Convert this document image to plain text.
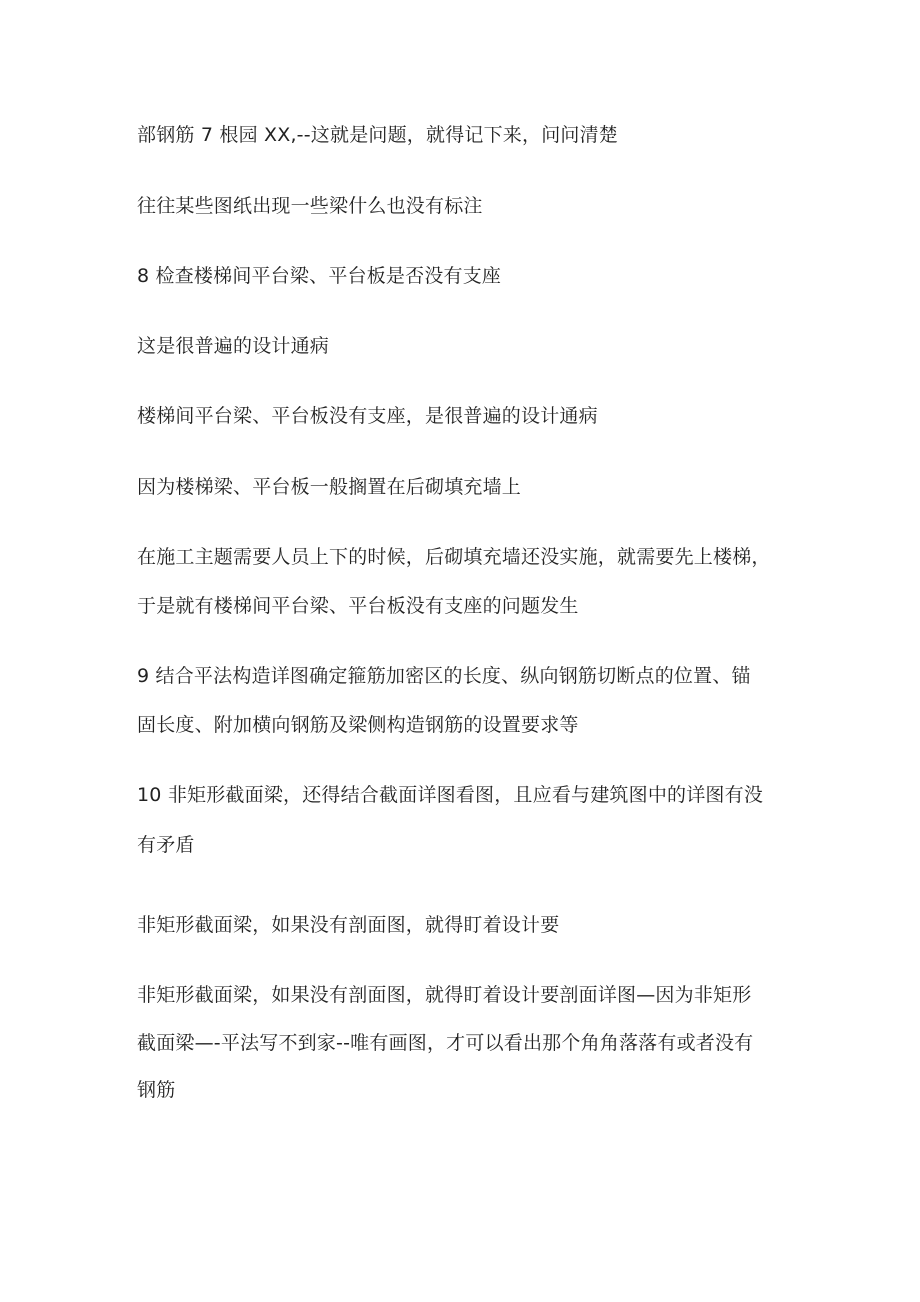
部钢筋 7 根园 XX,--这就是问题，就得记下来，问问清楚
往往某些图纸出现一些梁什么也没有标注
8 检查楼梯间平台梁、平台板是否没有支座
这是很普遍的设计通病
楼梯间平台梁、平台板没有支座，是很普遍的设计通病
因为楼梯梁、平台板一般搁置在后砌填充墙上
在施工主题需要人员上下的时候，后砌填充墙还没实施，就需要先上楼梯，
于是就有楼梯间平台梁、平台板没有支座的问题发生
9 结合平法构造详图确定箍筋加密区的长度、纵向钢筋切断点的位置、锚
固长度、附加横向钢筋及梁侧构造钢筋的设置要求等
10 非矩形截面梁，还得结合截面详图看图，且应看与建筑图中的详图有没
有矛盾
非矩形截面梁，如果没有剖面图，就得盯着设计要
非矩形截面梁，如果没有剖面图，就得盯着设计要剖面详图—因为非矩形
截面梁—-平法写不到家--唯有画图，才可以看出那个角角落落有或者没有
钢筋
